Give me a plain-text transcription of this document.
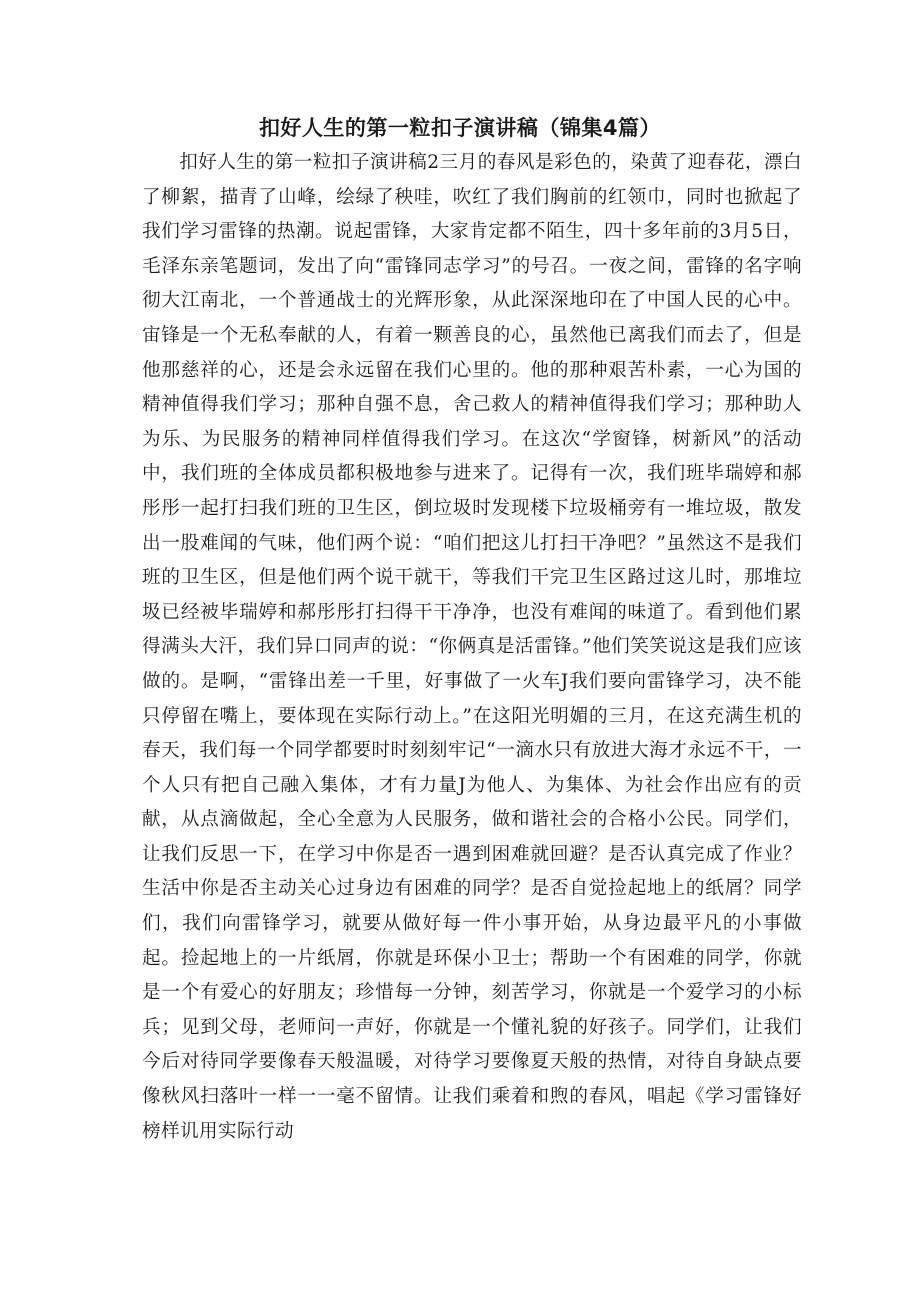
扣好人生的第一粒扣子演讲稿（锦集4篇）

扣好人生的第一粒扣子演讲稿2三月的春风是彩色的，染黄了迎春花，漂白了柳絮，描青了山峰，绘绿了秧哇，吹红了我们胸前的红领巾，同时也掀起了我们学习雷锋的热潮。说起雷锋，大家肯定都不陌生，四十多年前的3月5日，毛泽东亲笔题词，发出了向“雷锋同志学习”的号召。一夜之间，雷锋的名字响彻大江南北，一个普通战士的光辉形象，从此深深地印在了中国人民的心中。宙锋是一个无私奉献的人，有着一颗善良的心，虽然他已离我们而去了，但是他那慈祥的心，还是会永远留在我们心里的。他的那种艰苦朴素，一心为国的精神值得我们学习；那种自强不息，舍己救人的精神值得我们学习；那种助人为乐、为民服务的精神同样值得我们学习。在这次“学窗锋，树新风”的活动中，我们班的全体成员都积极地参与进来了。记得有一次，我们班毕瑞婷和郝彤彤一起打扫我们班的卫生区，倒垃圾时发现楼下垃圾桶旁有一堆垃圾，散发出一股难闻的气味，他们两个说：“咱们把这儿打扫干净吧？”虽然这不是我们班的卫生区，但是他们两个说干就干，等我们干完卫生区路过这儿时，那堆垃圾已经被毕瑞婷和郝彤彤打扫得干干净净，也没有难闻的味道了。看到他们累得满头大汗，我们异口同声的说：“你俩真是活雷锋。”他们笑笑说这是我们应该做的。是啊，“雷锋出差一千里，好事做了一火车J我们要向雷锋学习，决不能只停留在嘴上，要体现在实际行动上。”在这阳光明媚的三月，在这充满生机的春天，我们每一个同学都要时时刻刻牢记“一滴水只有放进大海才永远不干，一个人只有把自己融入集体，才有力量J为他人、为集体、为社会作出应有的贡献，从点滴做起，全心全意为人民服务，做和谐社会的合格小公民。同学们，让我们反思一下，在学习中你是否一遇到困难就回避？是否认真完成了作业？生活中你是否主动关心过身边有困难的同学？是否自觉捡起地上的纸屑？同学们，我们向雷锋学习，就要从做好每一件小事开始，从身边最平凡的小事做起。捡起地上的一片纸屑，你就是环保小卫士；帮助一个有困难的同学，你就是一个有爱心的好朋友；珍惜每一分钟，刻苦学习，你就是一个爱学习的小标兵；见到父母，老师问一声好，你就是一个懂礼貌的好孩子。同学们，让我们今后对待同学要像春天般温暖，对待学习要像夏天般的热情，对待自身缺点要像秋风扫落叶一样一一毫不留情。让我们乘着和煦的春风，唱起《学习雷锋好榜样讥用实际行动
